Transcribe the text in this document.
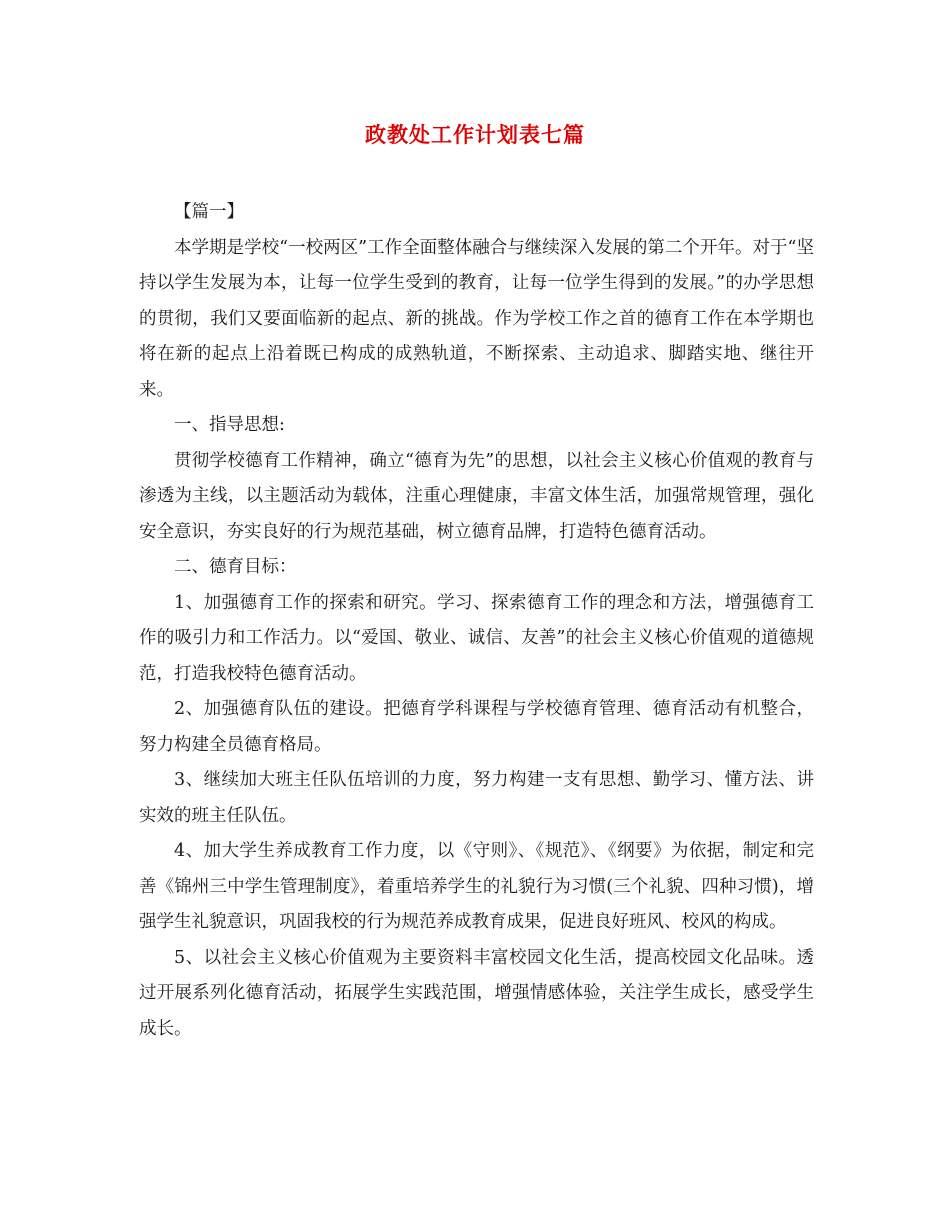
政教处工作计划表七篇

【篇一】

本学期是学校“一校两区”工作全面整体融合与继续深入发展的第二个开年。对于“坚持以学生发展为本，让每一位学生受到的教育，让每一位学生得到的发展。”的办学思想的贯彻，我们又要面临新的起点、新的挑战。作为学校工作之首的德育工作在本学期也将在新的起点上沿着既已构成的成熟轨道，不断探索、主动追求、脚踏实地、继往开来。

一、指导思想:

贯彻学校德育工作精神，确立“德育为先”的思想，以社会主义核心价值观的教育与渗透为主线，以主题活动为载体，注重心理健康，丰富文体生活，加强常规管理，强化安全意识，夯实良好的行为规范基础，树立德育品牌，打造特色德育活动。

二、德育目标：

1、加强德育工作的探索和研究。学习、探索德育工作的理念和方法，增强德育工作的吸引力和工作活力。以“爱国、敬业、诚信、友善”的社会主义核心价值观的道德规范，打造我校特色德育活动。

2、加强德育队伍的建设。把德育学科课程与学校德育管理、德育活动有机整合，努力构建全员德育格局。

3、继续加大班主任队伍培训的力度，努力构建一支有思想、勤学习、懂方法、讲实效的班主任队伍。

4、加大学生养成教育工作力度，以《守则》、《规范》、《纲要》为依据，制定和完善《锦州三中学生管理制度》，着重培养学生的礼貌行为习惯(三个礼貌、四种习惯)，增强学生礼貌意识，巩固我校的行为规范养成教育成果，促进良好班风、校风的构成。

5、以社会主义核心价值观为主要资料丰富校园文化生活，提高校园文化品味。透过开展系列化德育活动，拓展学生实践范围，增强情感体验，关注学生成长，感受学生成长。
